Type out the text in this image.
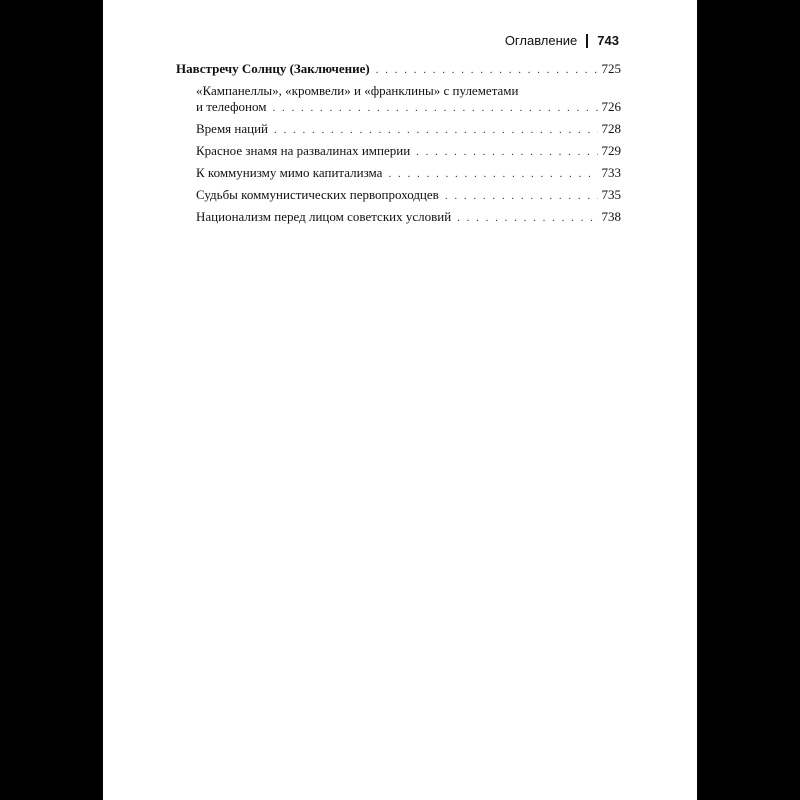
Оглавление 743
Навстречу Солнцу (Заключение) . . .	725
«Кампанеллы», «кромвели» и «франклины» с пулеметами
и телефоном . . .	726
Время наций . . .	728
Красное знамя на развалинах империи . . .	729
К коммунизму мимо капитализма . . .	733
Судьбы коммунистических первопроходцев . . .	735
Национализм перед лицом советских условий . . .	738
